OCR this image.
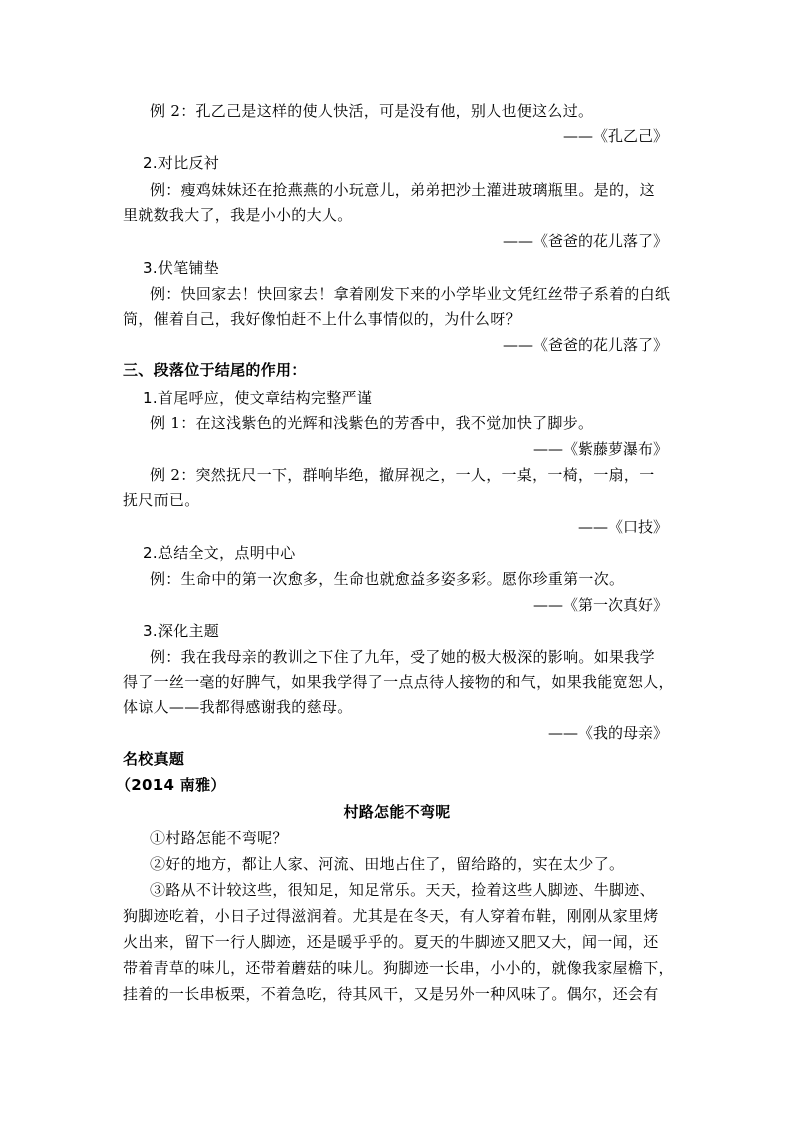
例 2：孔乙己是这样的使人快活，可是没有他，别人也便这么过。
——《孔乙己》
2.对比反衬
例：瘦鸡妹妹还在抢燕燕的小玩意儿，弟弟把沙土灌进玻璃瓶里。是的，这
里就数我大了，我是小小的大人。
——《爸爸的花儿落了》
3.伏笔铺垫
例：快回家去！快回家去！拿着刚发下来的小学毕业文凭红丝带子系着的白纸
筒，催着自己，我好像怕赶不上什么事情似的，为什么呀？
——《爸爸的花儿落了》
三、段落位于结尾的作用：
1.首尾呼应，使文章结构完整严谨
例 1：在这浅紫色的光辉和浅紫色的芳香中，我不觉加快了脚步。
——《紫藤萝瀑布》
例 2：突然抚尺一下，群响毕绝，撤屏视之，一人，一桌，一椅，一扇，一
抚尺而已。
——《口技》
2.总结全文，点明中心
例：生命中的第一次愈多，生命也就愈益多姿多彩。愿你珍重第一次。
——《第一次真好》
3.深化主题
例：我在我母亲的教训之下住了九年，受了她的极大极深的影响。如果我学
得了一丝一毫的好脾气，如果我学得了一点点待人接物的和气，如果我能宽恕人，
体谅人——我都得感谢我的慈母。
——《我的母亲》
名校真题
（2014 南雅）
村路怎能不弯呢
①村路怎能不弯呢？
②好的地方，都让人家、河流、田地占住了，留给路的，实在太少了。
③路从不计较这些，很知足，知足常乐。天天，捡着这些人脚迹、牛脚迹、
狗脚迹吃着，小日子过得滋润着。尤其是在冬天，有人穿着布鞋，刚刚从家里烤
火出来，留下一行人脚迹，还是暖乎乎的。夏天的牛脚迹又肥又大，闻一闻，还
带着青草的味儿，还带着蘑菇的味儿。狗脚迹一长串，小小的，就像我家屋檐下，
挂着的一长串板栗，不着急吃，待其风干，又是另外一种风味了。偶尔，还会有
